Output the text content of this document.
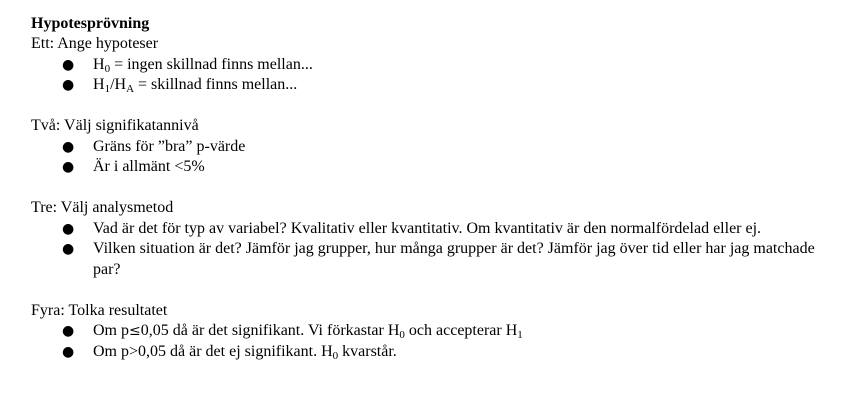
Hypotesprövning
Ett: Ange hypoteser
●	$H_0$ = ingen skillnad finns mellan...
●	$H_1/H_A$ = skillnad finns mellan...
Två: Välj signifikatannivå
●	Gräns för ”bra” p-värde
●	Är i allmänt <5%
Tre: Välj analysmetod
●	Vad är det för typ av variabel? Kvalitativ eller kvantitativ. Om kvantitativ är den normalfördelad eller ej.
●	Vilken situation är det? Jämför jag grupper, hur många grupper är det? Jämför jag över tid eller har jag matchade par?
Fyra: Tolka resultatet
●	Om p≤0,05 då är det signifikant. Vi förkastar $H_0$ och accepterar $H_1$
●	Om p>0,05 då är det ej signifikant. $H_0$ kvarstår.
